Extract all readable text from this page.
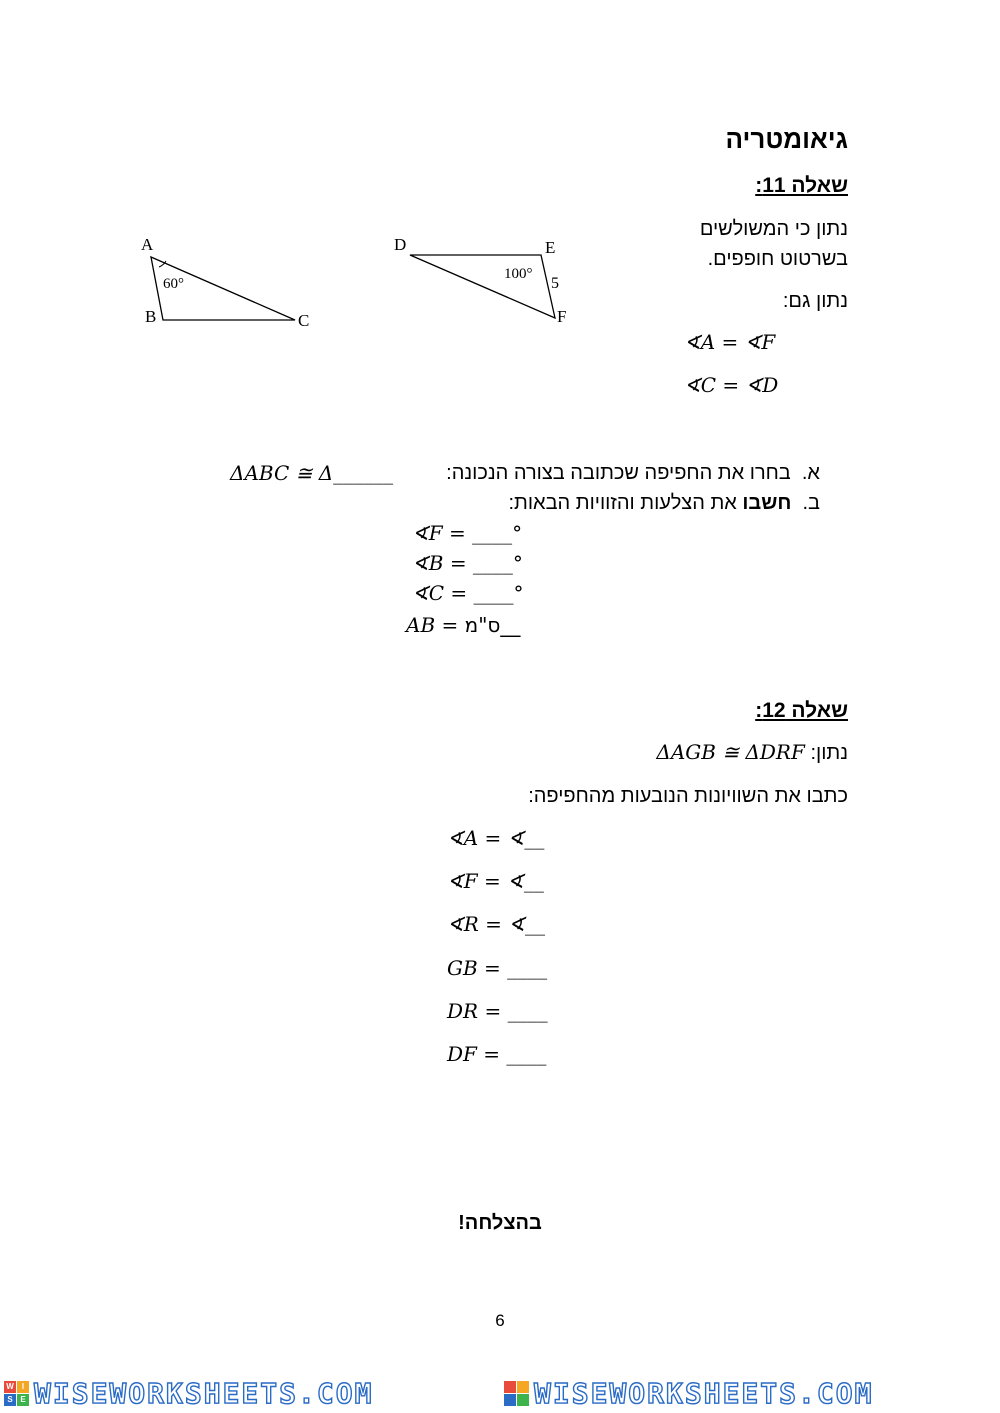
גיאומטריה
שאלה 11:
נתון כי המשולשים
בשרטוט חופפים.
נתון גם:
∢A = ∢F
∢C = ∢D
A
B	C
60°
D	E
F
100°
5
א.  בחרו את החפיפה שכתובה בצורה הנכונה:
ΔABC ≅ Δ______
ב.  חשבו את הצלעות והזוויות הבאות:
∢F = ____°
∢B = ____°
∢C = ____°
AB = __ס"מ
שאלה 12:
נתון: ΔAGB ≅ ΔDRF
כתבו את השוויונות הנובעות מהחפיפה:
∢A = ∢__
∢F = ∢__
∢R = ∢__
GB = ____
DR = ____
DF = ____
בהצלחה!
6
W	I
S E WISEWORKSHEETS.COM	WISEWORKSHEETS.COM
